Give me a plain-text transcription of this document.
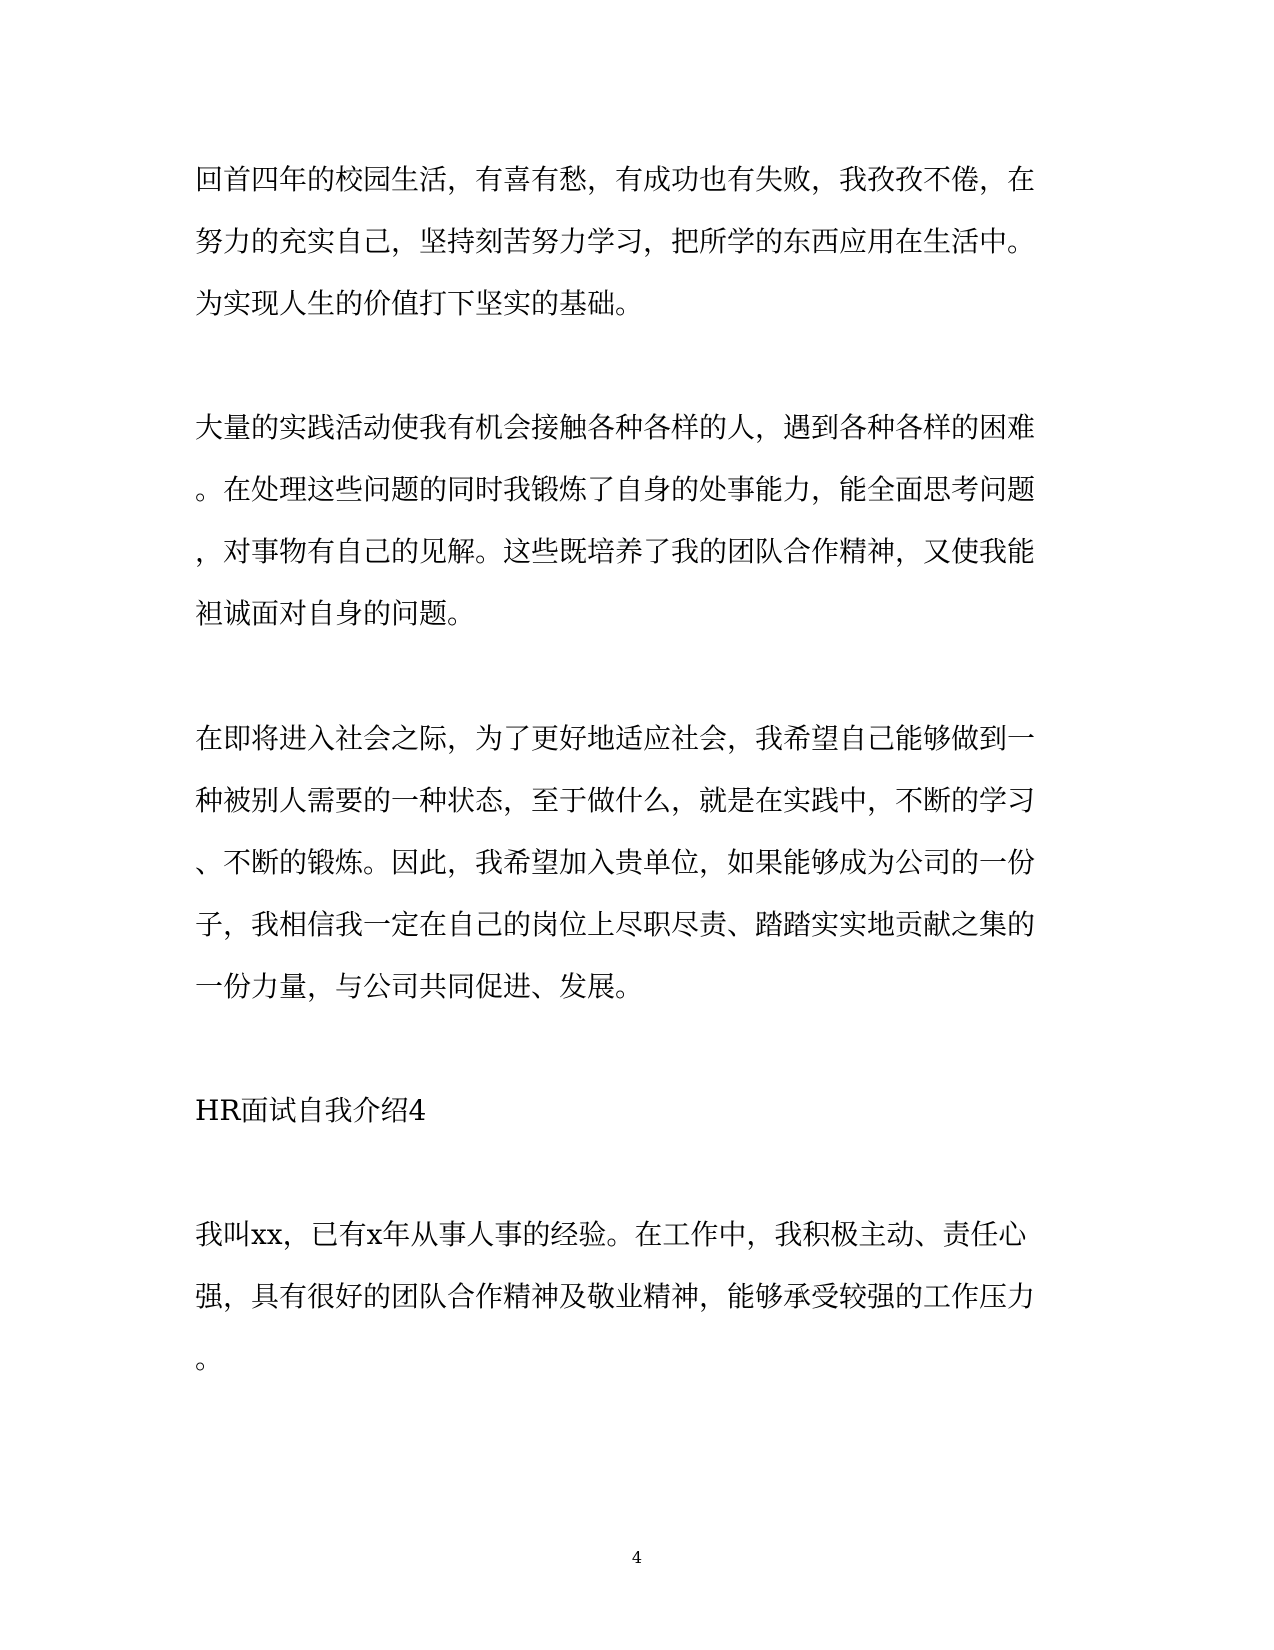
回首四年的校园生活，有喜有愁，有成功也有失败，我孜孜不倦，在
努力的充实自己，坚持刻苦努力学习，把所学的东西应用在生活中。
为实现人生的价值打下坚实的基础。
大量的实践活动使我有机会接触各种各样的人，遇到各种各样的困难
。在处理这些问题的同时我锻炼了自身的处事能力，能全面思考问题
，对事物有自己的见解。这些既培养了我的团队合作精神，又使我能
袒诚面对自身的问题。
在即将进入社会之际，为了更好地适应社会，我希望自己能够做到一
种被别人需要的一种状态，至于做什么，就是在实践中，不断的学习
、不断的锻炼。因此，我希望加入贵单位，如果能够成为公司的一份
子，我相信我一定在自己的岗位上尽职尽责、踏踏实实地贡献之集的
一份力量，与公司共同促进、发展。
HR面试自我介绍4
我叫xx，已有x年从事人事的经验。在工作中，我积极主动、责任心
强，具有很好的团队合作精神及敬业精神，能够承受较强的工作压力
。
4
